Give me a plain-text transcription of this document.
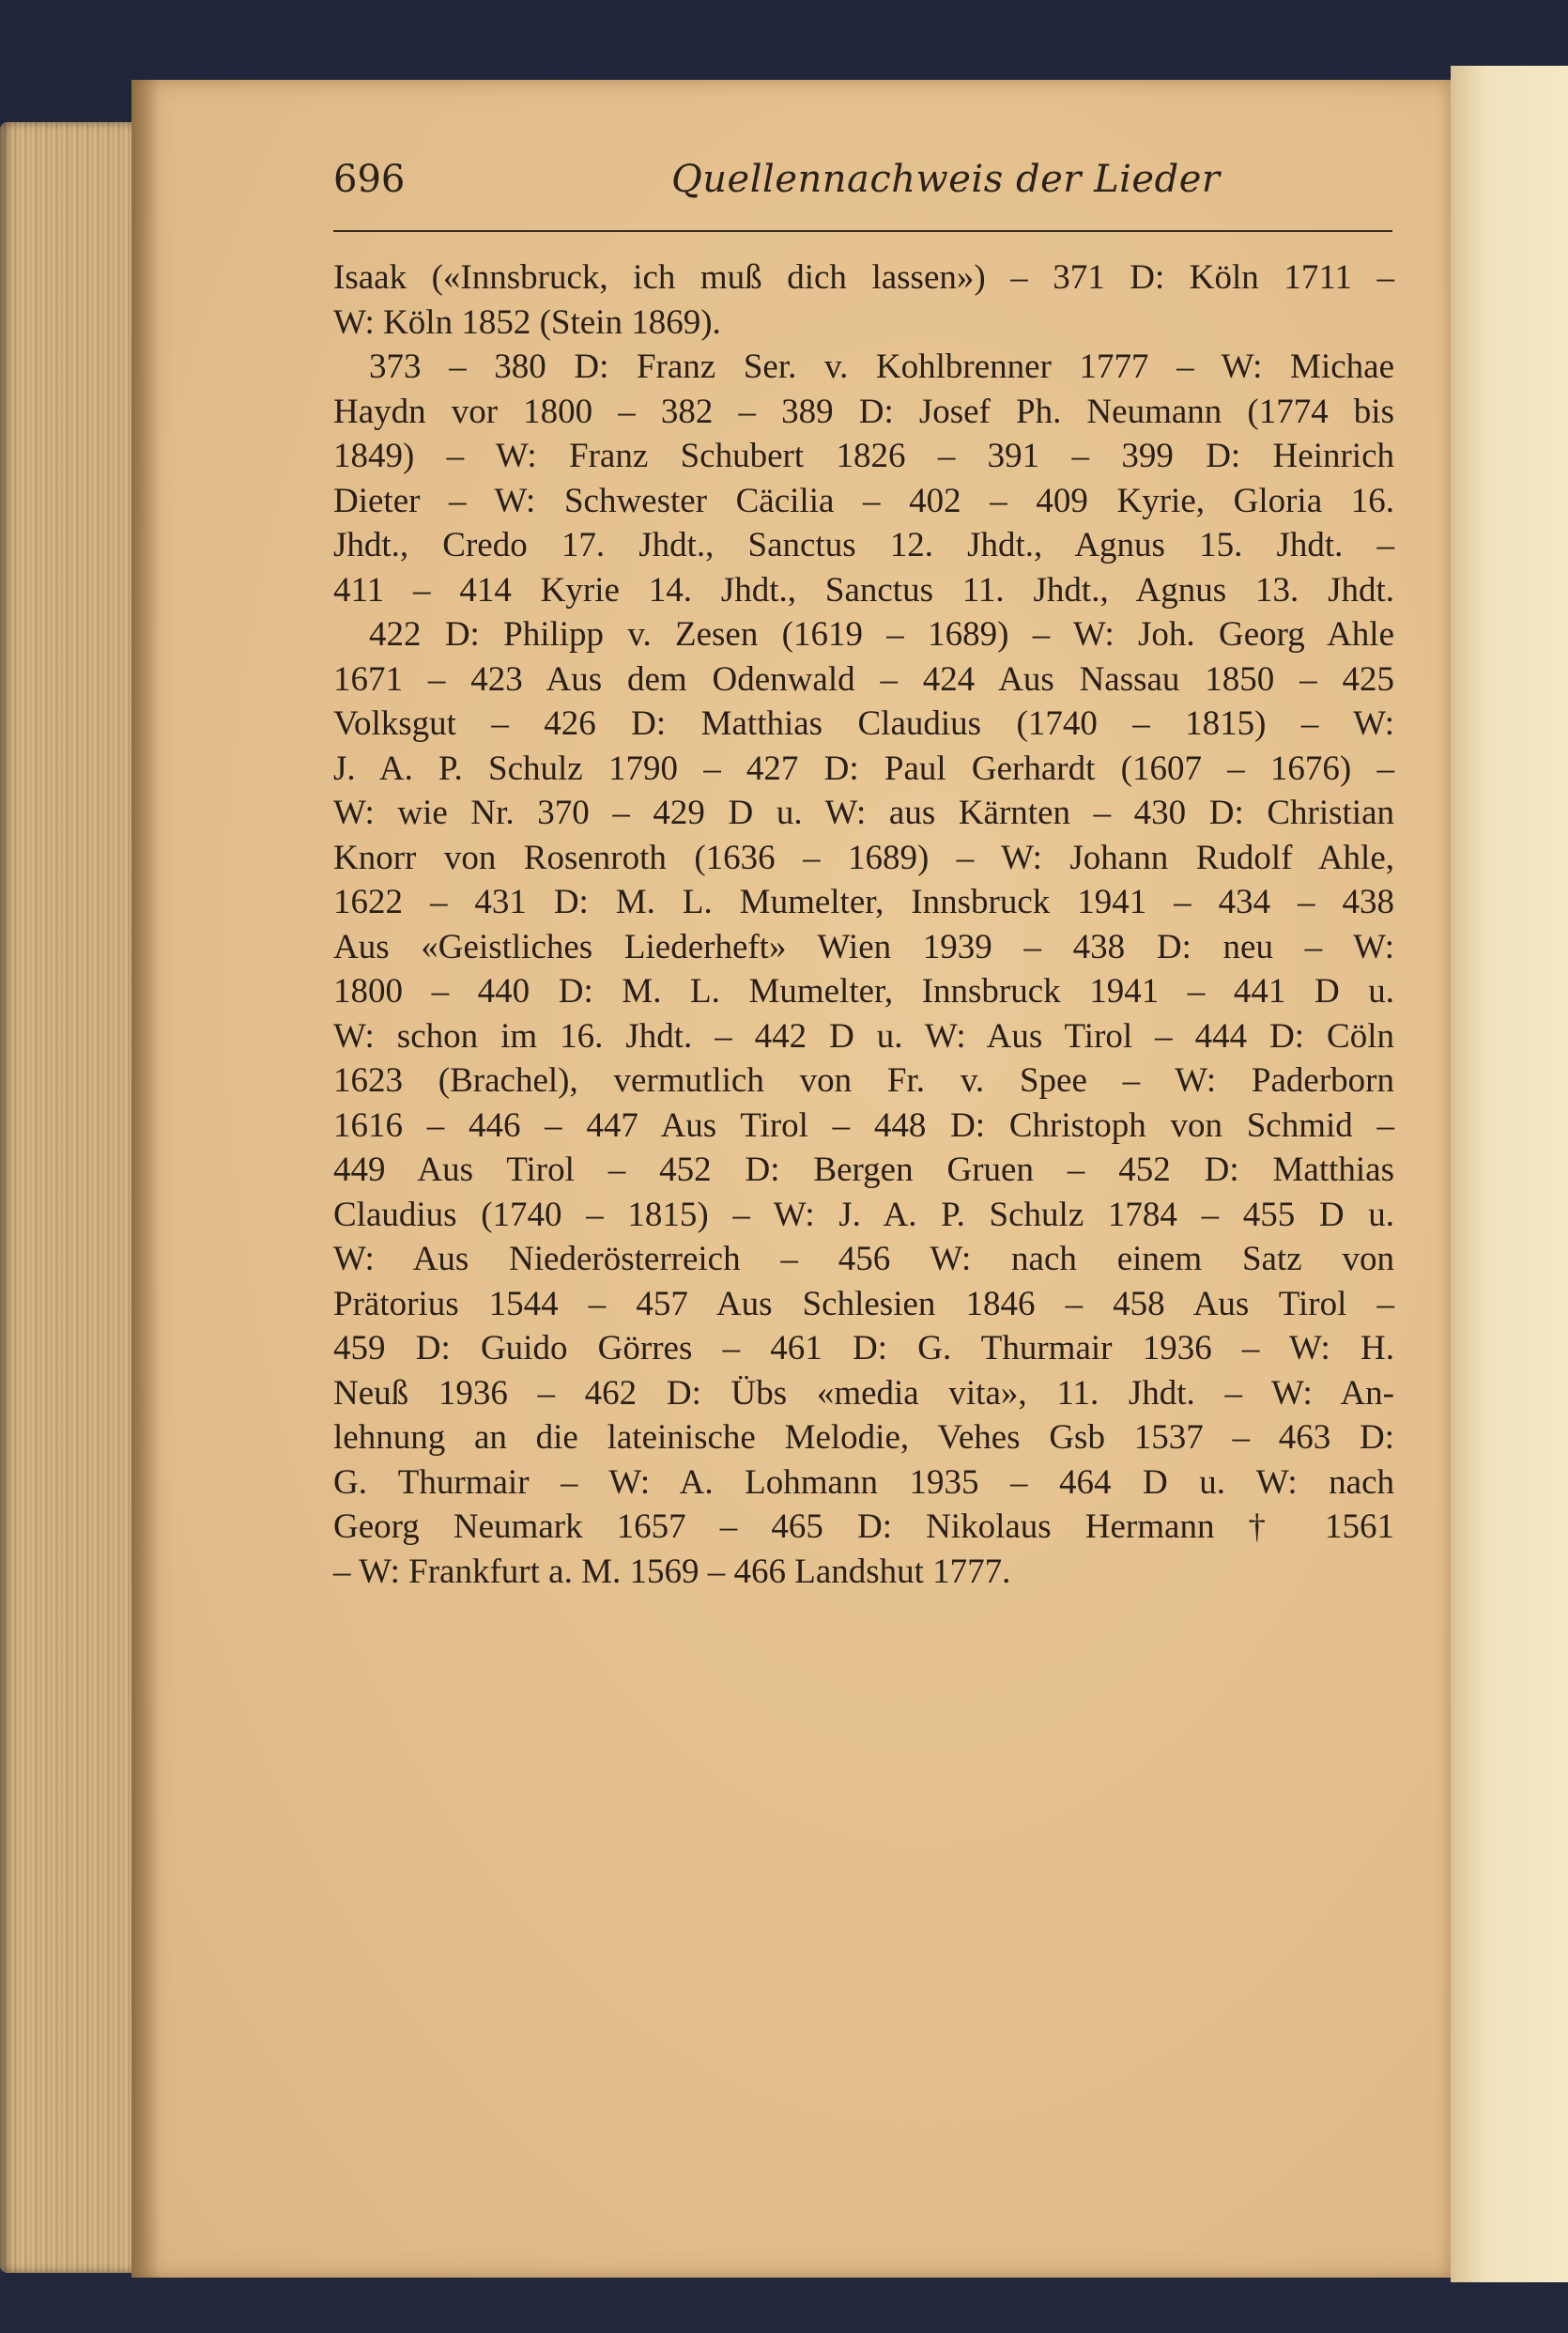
696	Quellennachweis der Lieder
Isaak («Innsbruck, ich muß dich lassen») – 371 D: Köln 1711 –
W: Köln 1852 (Stein 1869).
373 – 380 D: Franz Ser. v. Kohlbrenner 1777 – W: Michae
Haydn vor 1800 – 382 – 389 D: Josef Ph. Neumann (1774 bis
1849) – W: Franz Schubert 1826 – 391 – 399 D: Heinrich
Dieter – W: Schwester Cäcilia – 402 – 409 Kyrie, Gloria 16.
Jhdt., Credo 17. Jhdt., Sanctus 12. Jhdt., Agnus 15. Jhdt. –
411 – 414 Kyrie 14. Jhdt., Sanctus 11. Jhdt., Agnus 13. Jhdt.
422 D: Philipp v. Zesen (1619 – 1689) – W: Joh. Georg Ahle
1671 – 423 Aus dem Odenwald – 424 Aus Nassau 1850 – 425
Volksgut – 426 D: Matthias Claudius (1740 – 1815) – W:
J. A. P. Schulz 1790 – 427 D: Paul Gerhardt (1607 – 1676) –
W: wie Nr. 370 – 429 D u. W: aus Kärnten – 430 D: Christian
Knorr von Rosenroth (1636 – 1689) – W: Johann Rudolf Ahle,
1622 – 431 D: M. L. Mumelter, Innsbruck 1941 – 434 – 438
Aus «Geistliches Liederheft» Wien 1939 – 438 D: neu – W:
1800 – 440 D: M. L. Mumelter, Innsbruck 1941 – 441 D u.
W: schon im 16. Jhdt. – 442 D u. W: Aus Tirol – 444 D: Cöln
1623 (Brachel), vermutlich von Fr. v. Spee – W: Paderborn
1616 – 446 – 447 Aus Tirol – 448 D: Christoph von Schmid –
449 Aus Tirol – 452 D: Bergen Gruen – 452 D: Matthias
Claudius (1740 – 1815) – W: J. A. P. Schulz 1784 – 455 D u.
W: Aus Niederösterreich – 456 W: nach einem Satz von
Prätorius 1544 – 457 Aus Schlesien 1846 – 458 Aus Tirol –
459 D: Guido Görres – 461 D: G. Thurmair 1936 – W: H.
Neuß 1936 – 462 D: Übs «media vita», 11. Jhdt. – W: An-
lehnung an die lateinische Melodie, Vehes Gsb 1537 – 463 D:
G. Thurmair – W: A. Lohmann 1935 – 464 D u. W: nach
Georg Neumark 1657 – 465 D: Nikolaus Hermann † 1561
– W: Frankfurt a. M. 1569 – 466 Landshut 1777.
